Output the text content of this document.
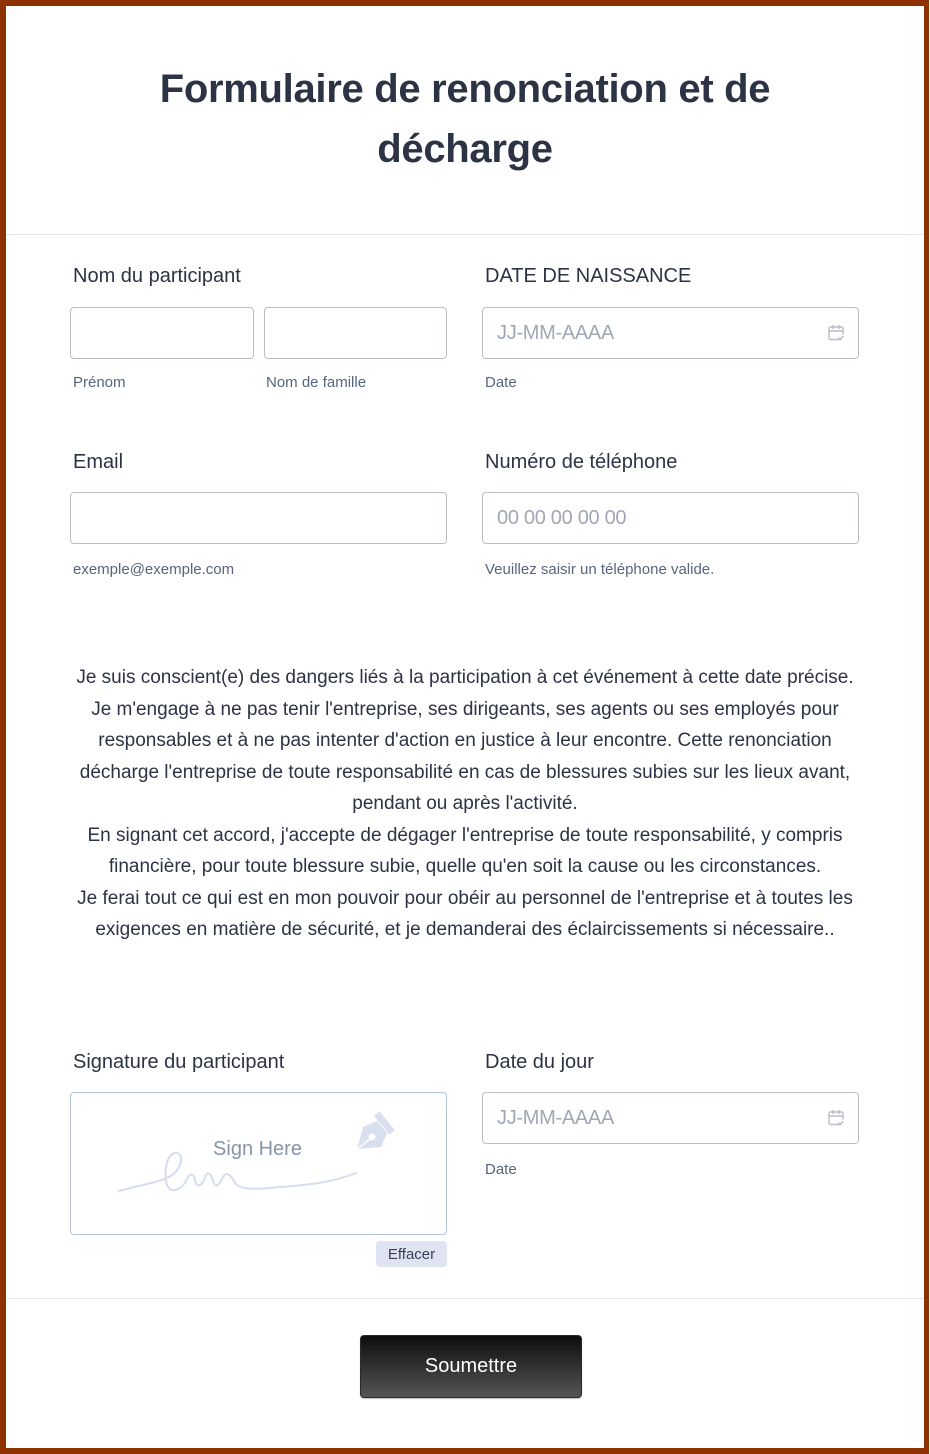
Formulaire de renonciation et de décharge
Nom du participant
Prénom	Nom de famille
DATE DE NAISSANCE
JJ-MM-AAAA
Date
Email
exemple@exemple.com
Numéro de téléphone
00 00 00 00 00
Veuillez saisir un téléphone valide.
Je suis conscient(e) des dangers liés à la participation à cet événement à cette date précise. Je m'engage à ne pas tenir l'entreprise, ses dirigeants, ses agents ou ses employés pour responsables et à ne pas intenter d'action en justice à leur encontre. Cette renonciation décharge l'entreprise de toute responsabilité en cas de blessures subies sur les lieux avant, pendant ou après l'activité.
En signant cet accord, j'accepte de dégager l'entreprise de toute responsabilité, y compris financière, pour toute blessure subie, quelle qu'en soit la cause ou les circonstances.
Je ferai tout ce qui est en mon pouvoir pour obéir au personnel de l'entreprise et à toutes les exigences en matière de sécurité, et je demanderai des éclaircissements si nécessaire..
Signature du participant
Sign Here
Effacer
Date du jour
JJ-MM-AAAA
Date
Soumettre
